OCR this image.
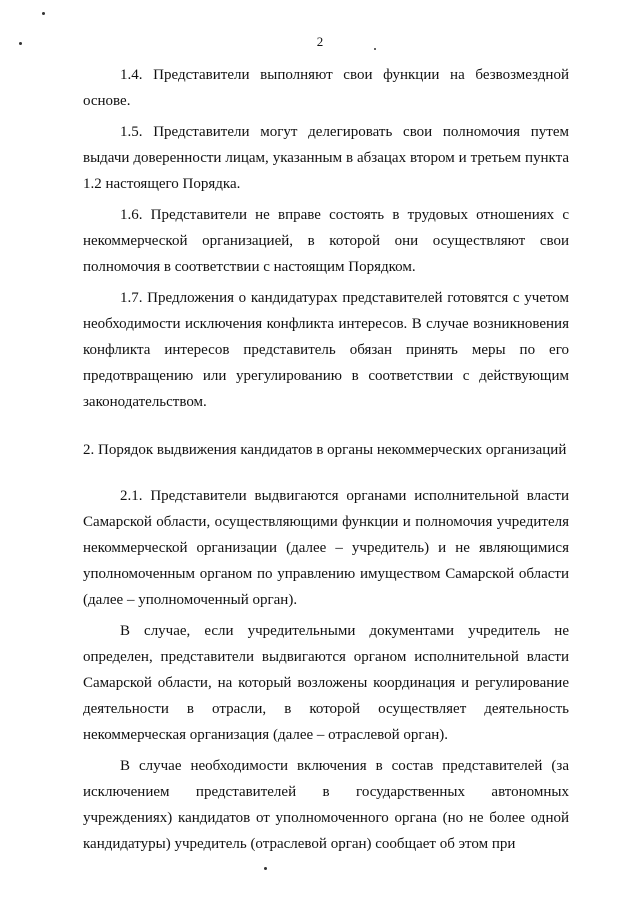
2

1.4. Представители выполняют свои функции на безвозмездной основе.

1.5. Представители могут делегировать свои полномочия путем выдачи доверенности лицам, указанным в абзацах втором и третьем пункта 1.2 настоящего Порядка.

1.6. Представители не вправе состоять в трудовых отношениях с некоммерческой организацией, в которой они осуществляют свои полномочия в соответствии с настоящим Порядком.

1.7. Предложения о кандидатурах представителей готовятся с учетом необходимости исключения конфликта интересов. В случае возникновения конфликта интересов представитель обязан принять меры по его предотвращению или урегулированию в соответствии с действующим законодательством.

2. Порядок выдвижения кандидатов в органы некоммерческих организаций

2.1. Представители выдвигаются органами исполнительной власти Самарской области, осуществляющими функции и полномочия учредителя некоммерческой организации (далее – учредитель) и не являющимися уполномоченным органом по управлению имуществом Самарской области (далее – уполномоченный орган).

В случае, если учредительными документами учредитель не определен, представители выдвигаются органом исполнительной власти Самарской области, на который возложены координация и регулирование деятельности в отрасли, в которой осуществляет деятельность некоммерческая организация (далее – отраслевой орган).

В случае необходимости включения в состав представителей (за исключением представителей в государственных автономных учреждениях) кандидатов от уполномоченного органа (но не более одной кандидатуры) учредитель (отраслевой орган) сообщает об этом при
